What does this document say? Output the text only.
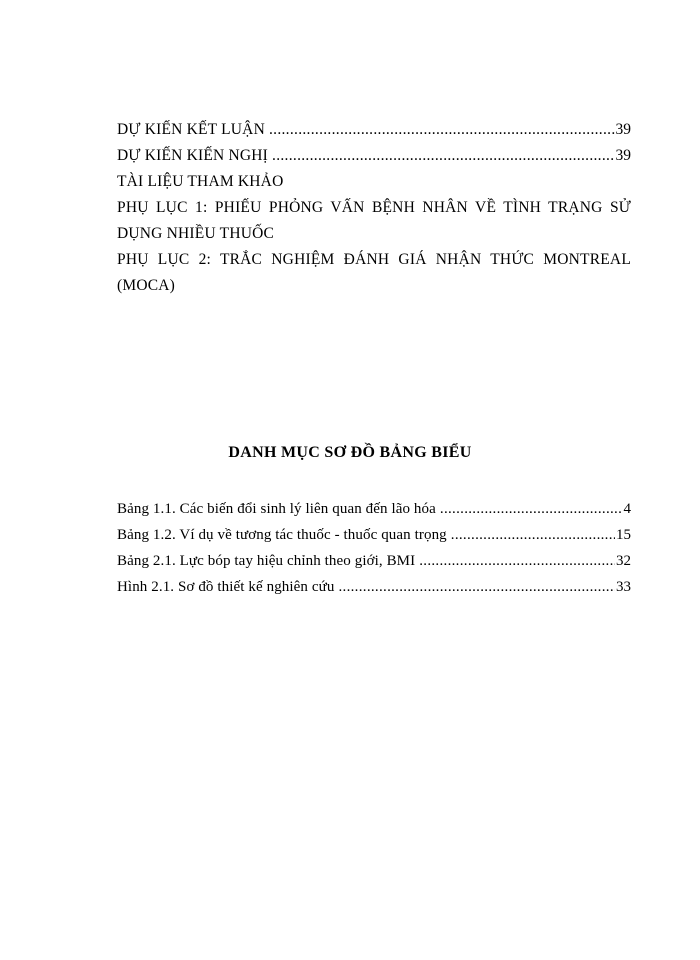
DỰ KIẾN KẾT LUẬN .....	39
DỰ KIẾN KIẾN NGHỊ .....	39
TÀI LIỆU THAM KHẢO
PHỤ LỤC 1: PHIẾU PHỎNG VẤN BỆNH NHÂN VỀ TÌNH TRẠNG SỬ DỤNG NHIỀU THUỐC
PHỤ LỤC 2: TRẮC NGHIỆM ĐÁNH GIÁ NHẬN THỨC MONTREAL (MOCA)
DANH MỤC SƠ ĐỒ BẢNG BIỂU
Bảng 1.1. Các biến đổi sinh lý liên quan đến lão hóa .....	4
Bảng 1.2. Ví dụ về tương tác thuốc - thuốc quan trọng .....	15
Bảng 2.1. Lực bóp tay hiệu chỉnh theo giới, BMI .....	32
Hình 2.1. Sơ đồ thiết kế nghiên cứu .....	33
